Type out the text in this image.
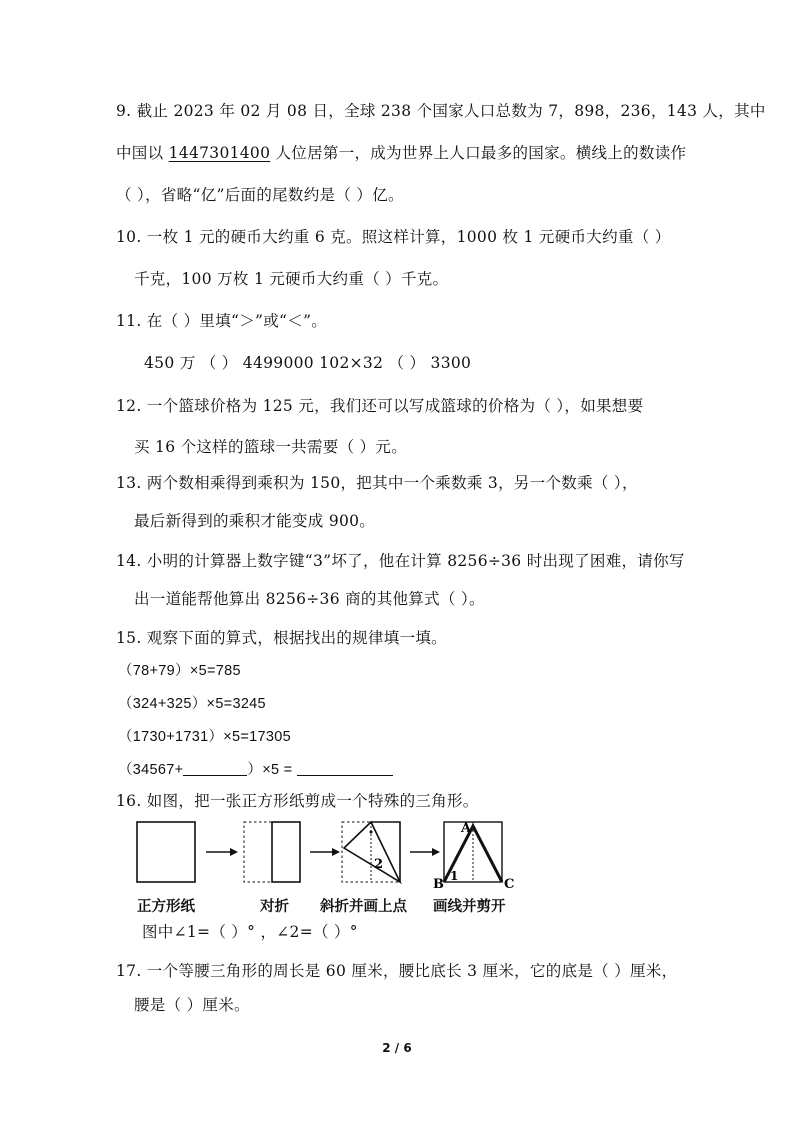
9. 截止 2023 年 02 月 08 日，全球 238 个国家人口总数为 7，898，236，143 人，其中
中国以 1447301400 人位居第一，成为世界上人口最多的国家。横线上的数读作
（ ），省略“亿”后面的尾数约是（ ）亿。
10. 一枚 1 元的硬币大约重 6 克。照这样计算，1000 枚 1 元硬币大约重（ ）
千克，100 万枚 1 元硬币大约重（ ）千克。
11. 在（ ）里填“＞”或“＜”。
450 万 （ ） 4499000 102×32 （ ） 3300
12. 一个篮球价格为 125 元，我们还可以写成篮球的价格为（ ），如果想要
买 16 个这样的篮球一共需要（ ）元。
13. 两个数相乘得到乘积为 150，把其中一个乘数乘 3，另一个数乘（ ），
最后新得到的乘积才能变成 900。
14. 小明的计算器上数字键“3”坏了，他在计算 8256÷36 时出现了困难，请你写
出一道能帮他算出 8256÷36 商的其他算式（ ）。
15. 观察下面的算式，根据找出的规律填一填。
（78+79）×5=785
（324+325）×5=3245
（1730+1731）×5=17305
（34567+	）×5 =
16. 如图，把一张正方形纸剪成一个特殊的三角形。
2
A
B	C
1
正方形纸	对折 斜折并画上点 画线并剪开
图中∠1=（ ）° ，∠2=（ ）°
17. 一个等腰三角形的周长是 60 厘米，腰比底长 3 厘米，它的底是（ ）厘米，
腰是（ ）厘米。
2 / 6
